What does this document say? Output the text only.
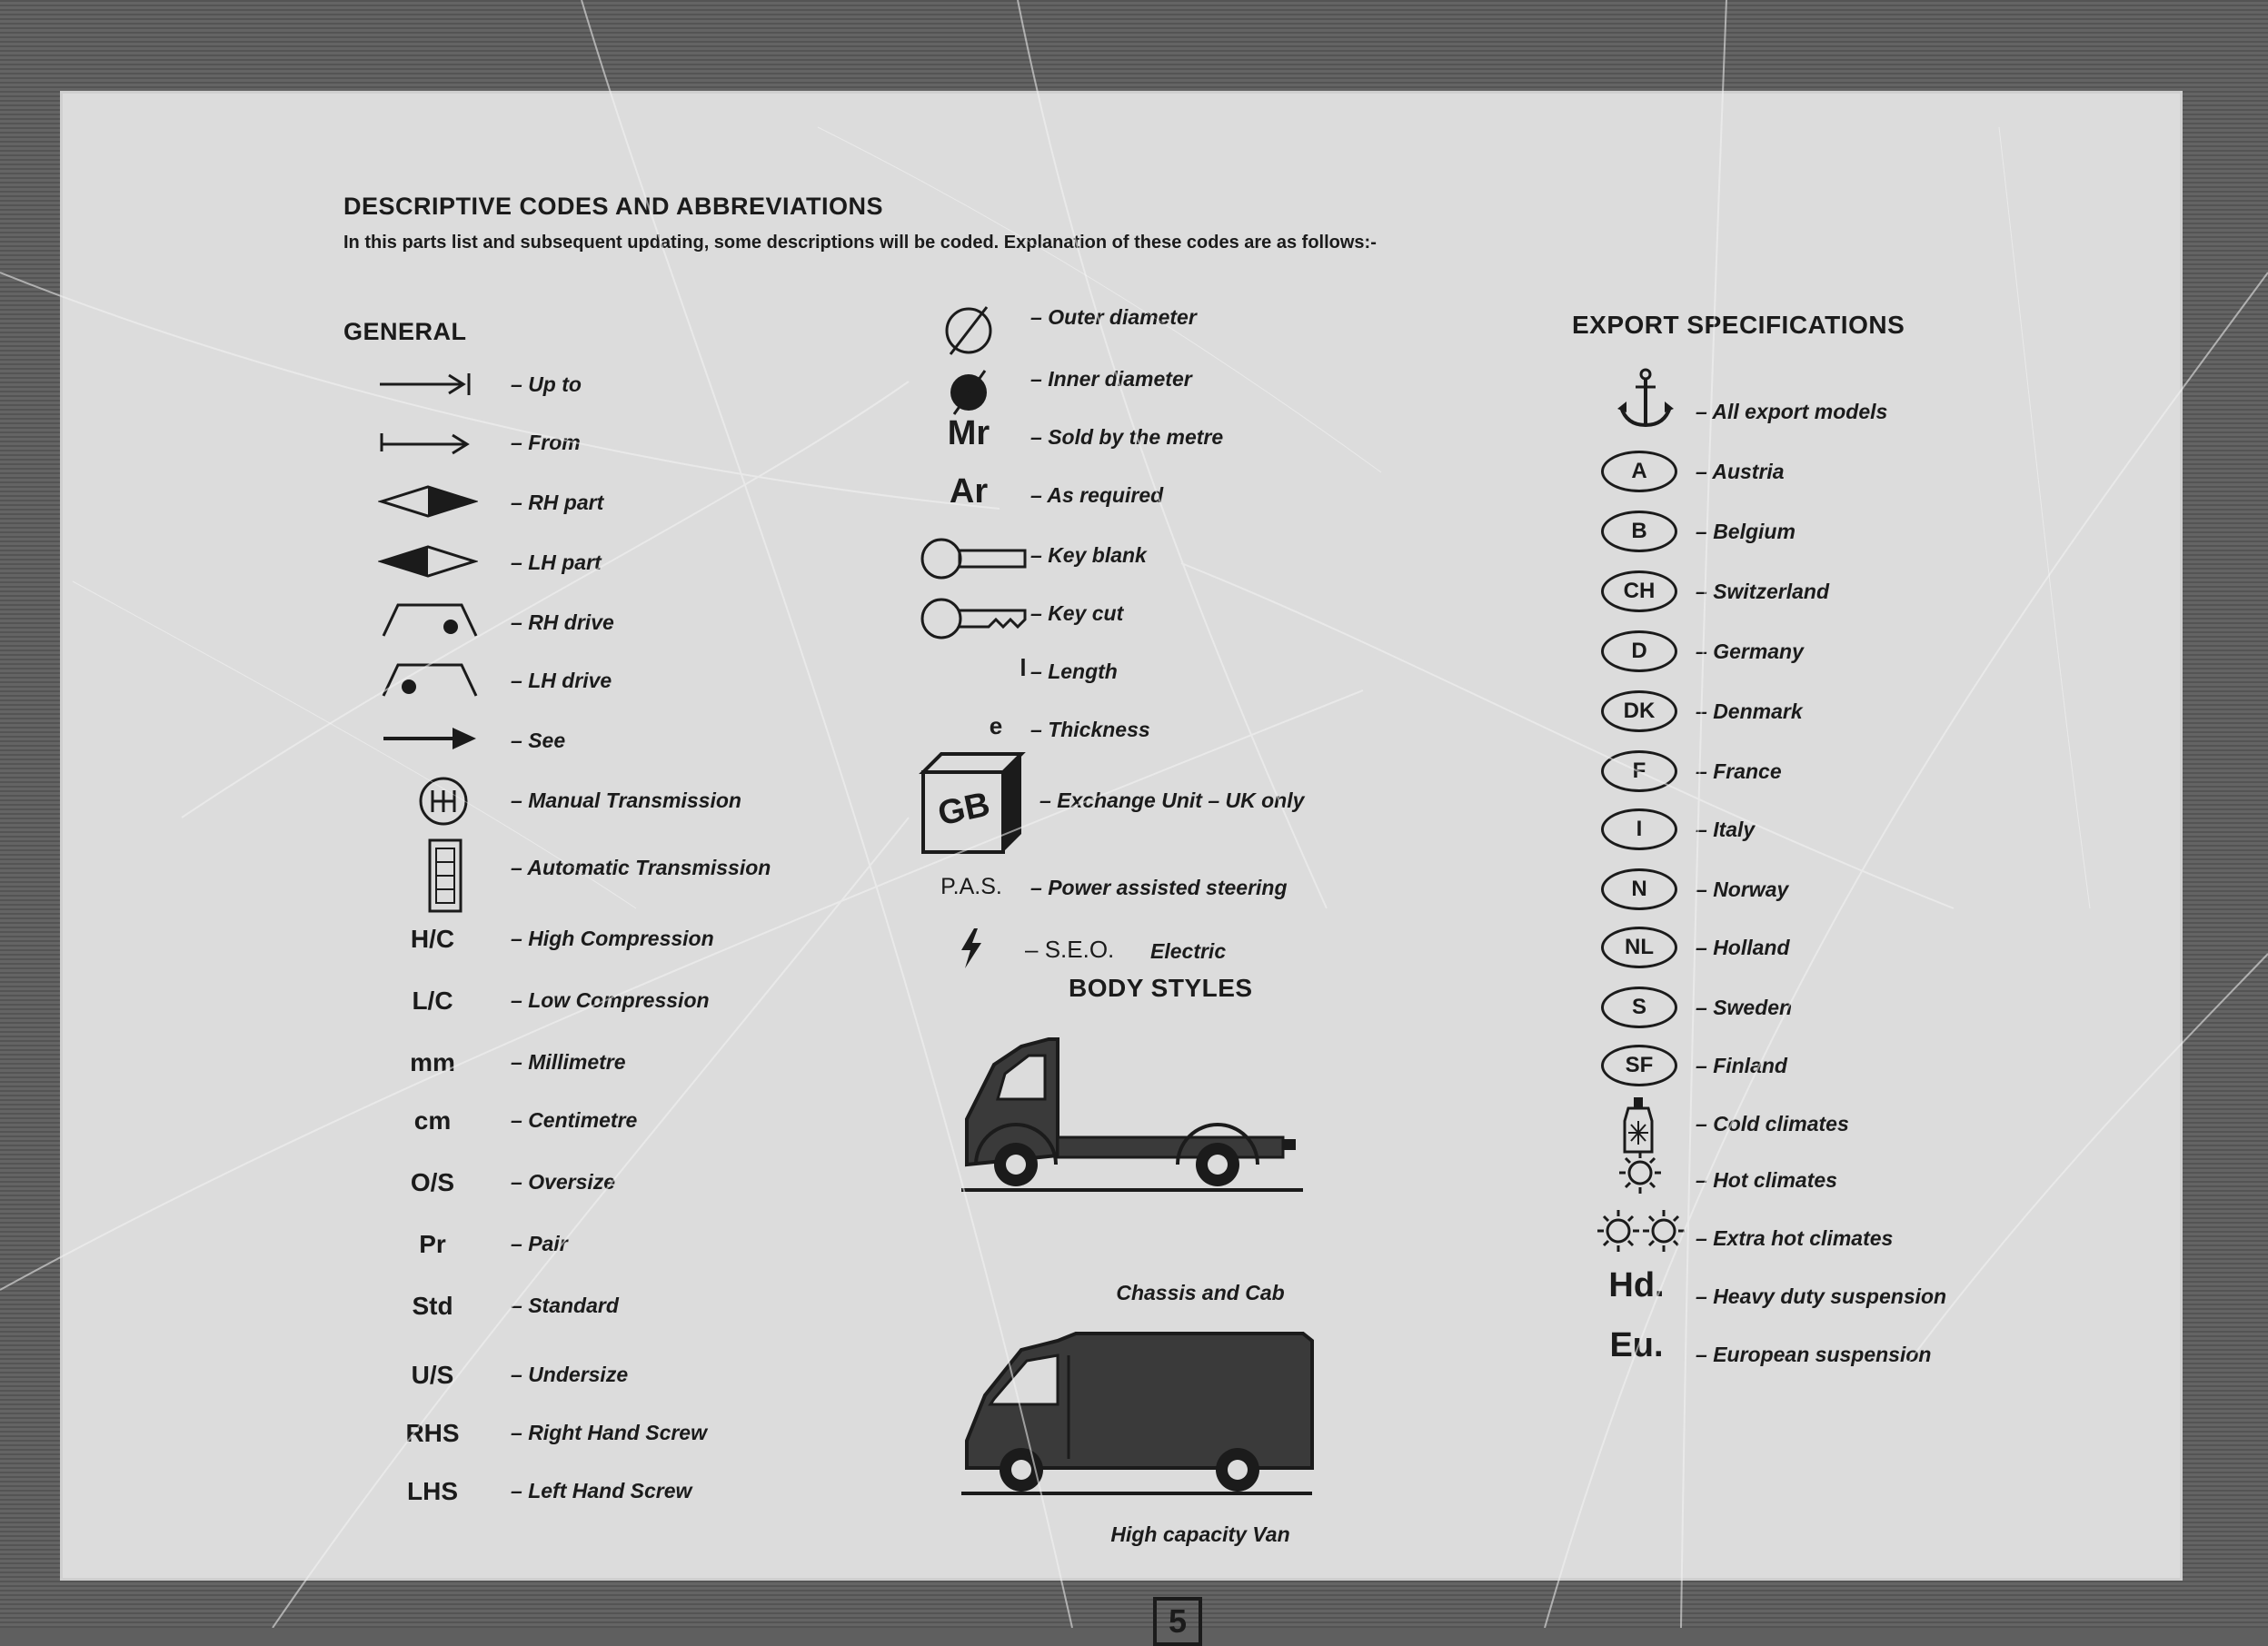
DESCRIPTIVE CODES AND ABBREVIATIONS
In this parts list and subsequent updating, some descriptions will be coded. Explanation of these codes are as follows:-
GENERAL
– Up to
– From
– RH part
– LH part
– RH drive
– LH drive
– See
– Manual Transmission
– Automatic Transmission
H/C	– High Compression
L/C	– Low Compression
mm	– Millimetre
cm	– Centimetre
O/S	– Oversize
Pr	– Pair
Std	– Standard
U/S	– Undersize
RHS	– Right Hand Screw
LHS	– Left Hand Screw
– Outer diameter
– Inner diameter
Mr	– Sold by the metre
Ar	– As required
– Key blank
– Key cut
l – Length
e	– Thickness
GB	– Exchange Unit – UK only
P.A.S.	– Power assisted steering
– S.E.O. Electric
BODY STYLES
Chassis and Cab
High capacity Van
EXPORT SPECIFICATIONS
– All export models
A	– Austria
B	– Belgium
CH	– Switzerland
D	– Germany
DK	– Denmark
F	– France
I	– Italy
N	– Norway
NL	– Holland
S	– Sweden
SF	– Finland
– Cold climates
– Hot climates
– Extra hot climates
Hd.	– Heavy duty suspension
Eu.	– European suspension
5
